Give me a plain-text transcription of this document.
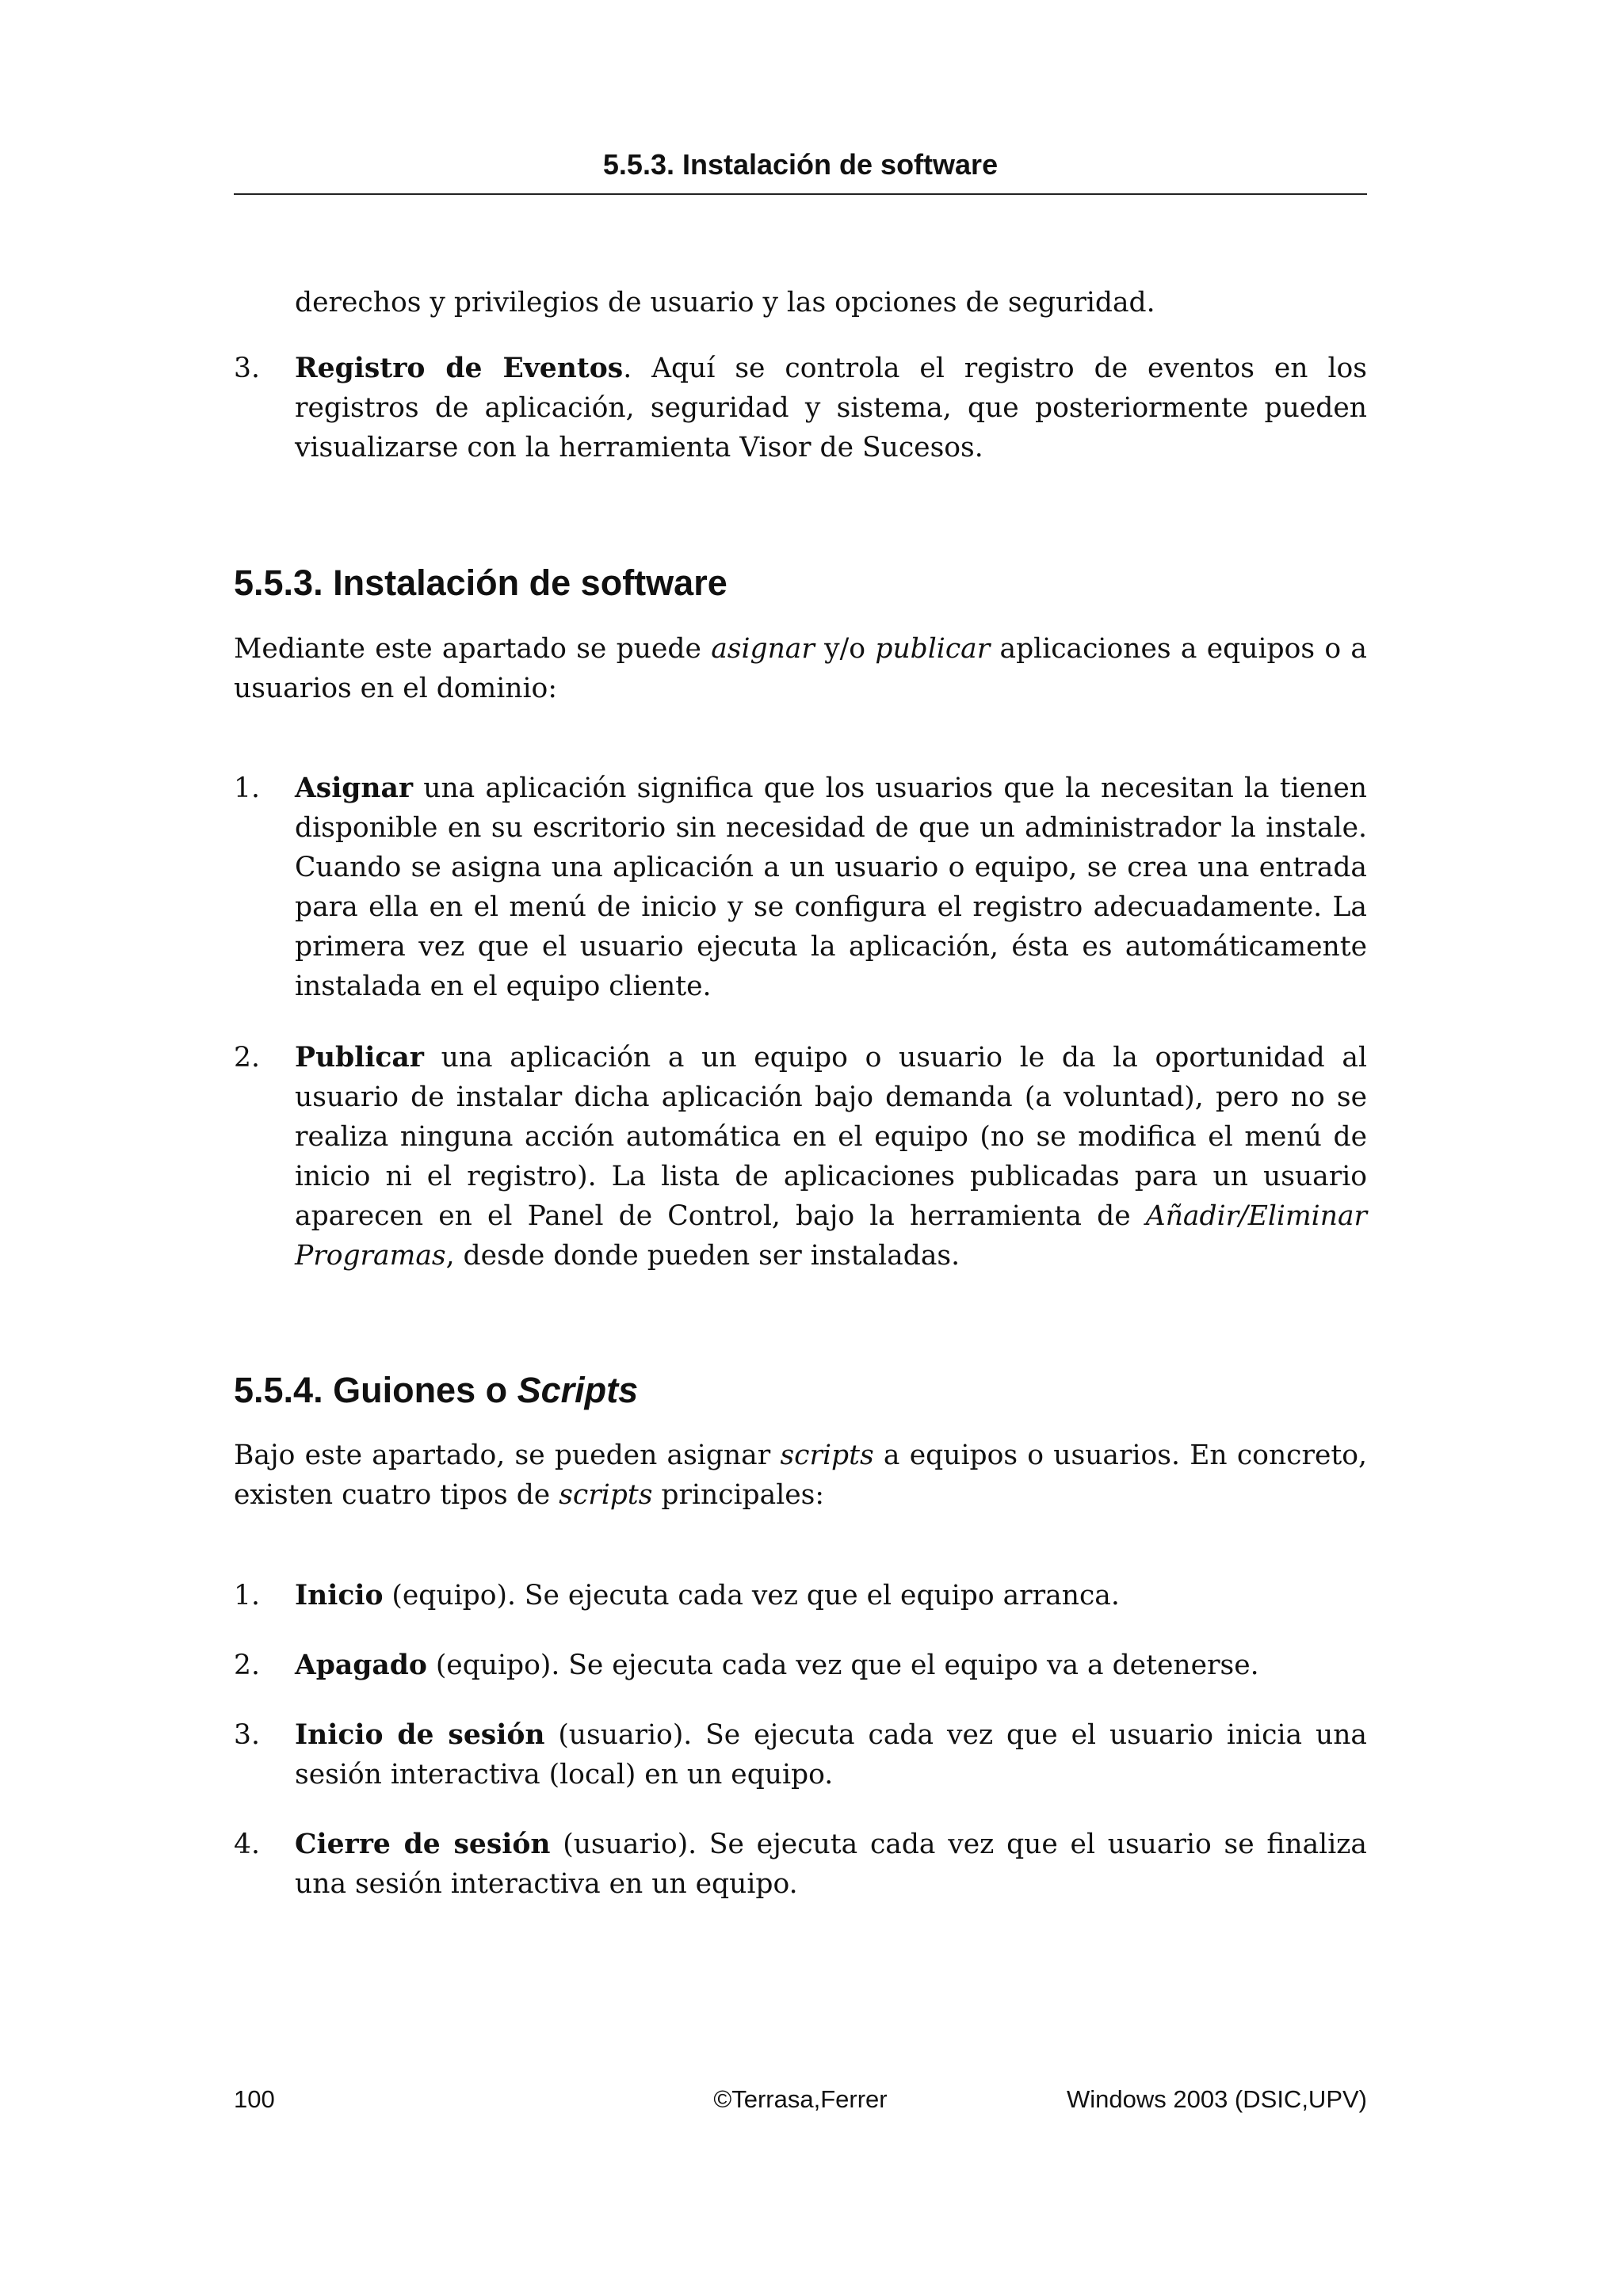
5.5.3. Instalación de software
derechos y privilegios de usuario y las opciones de seguridad.
3.	Registro de Eventos. Aquí se controla el registro de eventos en los registros de aplicación, seguridad y sistema, que posteriormente pueden visualizarse con la herramienta Visor de Sucesos.
5.5.3. Instalación de software
Mediante este apartado se puede asignar y/o publicar aplicaciones a equipos o a usuarios en el dominio:
1.	Asignar una aplicación significa que los usuarios que la necesitan la tienen disponible en su escritorio sin necesidad de que un administrador la instale. Cuando se asigna una aplicación a un usuario o equipo, se crea una entrada para ella en el menú de inicio y se configura el registro adecuadamente. La primera vez que el usuario ejecuta la aplicación, ésta es automáticamente instalada en el equipo cliente.
2.	Publicar una aplicación a un equipo o usuario le da la oportunidad al usuario de instalar dicha aplicación bajo demanda (a voluntad), pero no se realiza ninguna acción automática en el equipo (no se modifica el menú de inicio ni el registro). La lista de aplicaciones publicadas para un usuario aparecen en el Panel de Control, bajo la herramienta de Añadir/Eliminar Programas, desde donde pueden ser instaladas.
5.5.4. Guiones o Scripts
Bajo este apartado, se pueden asignar scripts a equipos o usuarios. En concreto, existen cuatro tipos de scripts principales:
1.	Inicio (equipo). Se ejecuta cada vez que el equipo arranca.
2.	Apagado (equipo). Se ejecuta cada vez que el equipo va a detenerse.
3.	Inicio de sesión (usuario). Se ejecuta cada vez que el usuario inicia una sesión interactiva (local) en un equipo.
4.	Cierre de sesión (usuario). Se ejecuta cada vez que el usuario se finaliza una sesión interactiva en un equipo.
100	©Terrasa,Ferrer	Windows 2003 (DSIC,UPV)
